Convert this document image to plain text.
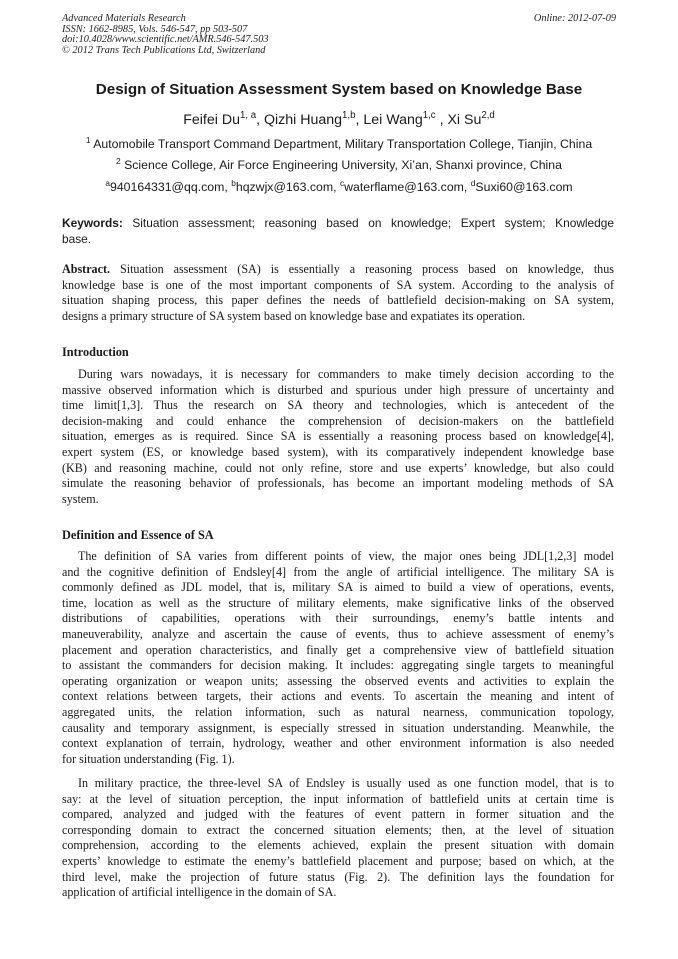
Advanced Materials Research
ISSN: 1662-8985, Vols. 546-547, pp 503-507
doi:10.4028/www.scientific.net/AMR.546-547.503
© 2012 Trans Tech Publications Ltd, Switzerland
Online: 2012-07-09
Design of Situation Assessment System based on Knowledge Base
Feifei Du$^{1, a}$, Qizhi Huang$^{1,b}$, Lei Wang$^{1,c}$ , Xi Su$^{2,d}$
$^1$ Automobile Transport Command Department, Military Transportation College, Tianjin, China
$^2$ Science College, Air Force Engineering University, Xi’an, Shanxi province, China
$^a$940164331@qq.com, $^b$hqzwjx@163.com, $^c$waterflame@163.com, $^d$Suxi60@163.com
Keywords: Situation assessment; reasoning based on knowledge; Expert system; Knowledge
base.
Abstract. Situation assessment (SA) is essentially a reasoning process based on knowledge, thus
knowledge base is one of the most important components of SA system. According to the analysis of
situation shaping process, this paper defines the needs of battlefield decision-making on SA system,
designs a primary structure of SA system based on knowledge base and expatiates its operation.
Introduction
During wars nowadays, it is necessary for commanders to make timely decision according to the
massive observed information which is disturbed and spurious under high pressure of uncertainty and
time limit[1,3]. Thus the research on SA theory and technologies, which is antecedent of the
decision-making and could enhance the comprehension of decision-makers on the battlefield
situation, emerges as is required. Since SA is essentially a reasoning process based on knowledge[4],
expert system (ES, or knowledge based system), with its comparatively independent knowledge base
(KB) and reasoning machine, could not only refine, store and use experts’ knowledge, but also could
simulate the reasoning behavior of professionals, has become an important modeling methods of SA
system.
Definition and Essence of SA
The definition of SA varies from different points of view, the major ones being JDL[1,2,3] model
and the cognitive definition of Endsley[4] from the angle of artificial intelligence. The military SA is
commonly defined as JDL model, that is, military SA is aimed to build a view of operations, events,
time, location as well as the structure of military elements, make significative links of the observed
distributions of capabilities, operations with their surroundings, enemy’s battle intents and
maneuverability, analyze and ascertain the cause of events, thus to achieve assessment of enemy’s
placement and operation characteristics, and finally get a comprehensive view of battlefield situation
to assistant the commanders for decision making. It includes: aggregating single targets to meaningful
operating organization or weapon units; assessing the observed events and activities to explain the
context relations between targets, their actions and events. To ascertain the meaning and intent of
aggregated units, the relation information, such as natural nearness, communication topology,
causality and temporary assignment, is especially stressed in situation understanding. Meanwhile, the
context explanation of terrain, hydrology, weather and other environment information is also needed
for situation understanding (Fig. 1).
In military practice, the three-level SA of Endsley is usually used as one function model, that is to
say: at the level of situation perception, the input information of battlefield units at certain time is
compared, analyzed and judged with the features of event pattern in former situation and the
corresponding domain to extract the concerned situation elements; then, at the level of situation
comprehension, according to the elements achieved, explain the present situation with domain
experts’ knowledge to estimate the enemy’s battlefield placement and purpose; based on which, at the
third level, make the projection of future status (Fig. 2). The definition lays the foundation for
application of artificial intelligence in the domain of SA.
